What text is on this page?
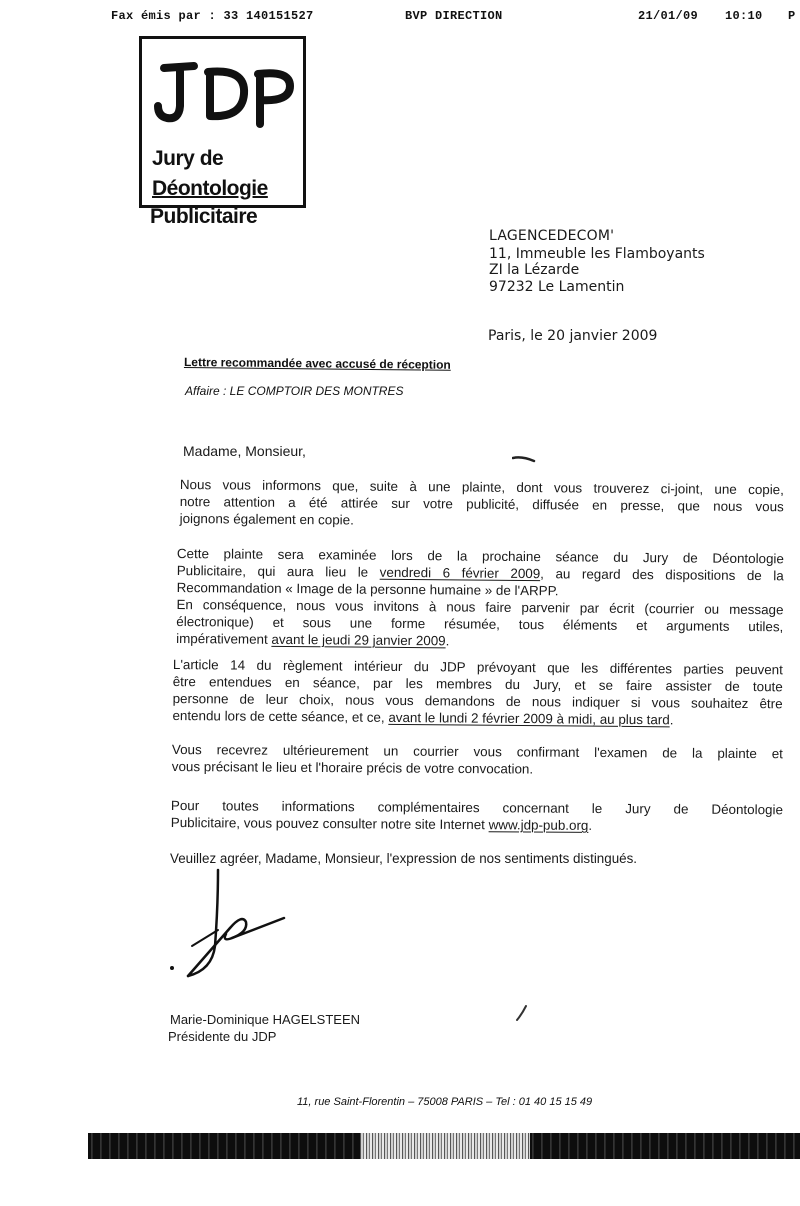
Fax émis par : 33 140151527	BVP DIRECTION	21/01/09 10:10 P
Jury de
Déontologie
Publicitaire
LAGENCEDECOM'
11, Immeuble les Flamboyants
ZI la Lézarde
97232 Le Lamentin
Paris, le 20 janvier 2009
Lettre recommandée avec accusé de réception
Affaire : LE COMPTOIR DES MONTRES
Madame, Monsieur,
Nous vous informons que, suite à une plainte, dont vous trouverez ci-joint, une copie,
notre attention a été attirée sur votre publicité, diffusée en presse, que nous vous
joignons également en copie.
Cette plainte sera examinée lors de la prochaine séance du Jury de Déontologie
Publicitaire, qui aura lieu le vendredi 6 février 2009, au regard des dispositions de la
Recommandation « Image de la personne humaine » de l'ARPP.
En conséquence, nous vous invitons à nous faire parvenir par écrit (courrier ou message
électronique) et sous une forme résumée, tous éléments et arguments utiles,
impérativement avant le jeudi 29 janvier 2009.
L'article 14 du règlement intérieur du JDP prévoyant que les différentes parties peuvent
être entendues en séance, par les membres du Jury, et se faire assister de toute
personne de leur choix, nous vous demandons de nous indiquer si vous souhaitez être
entendu lors de cette séance, et ce, avant le lundi 2 février 2009 à midi, au plus tard.
Vous recevrez ultérieurement un courrier vous confirmant l'examen de la plainte et
vous précisant le lieu et l'horaire précis de votre convocation.
Pour toutes informations complémentaires concernant le Jury de Déontologie
Publicitaire, vous pouvez consulter notre site Internet www.jdp-pub.org.
Veuillez agréer, Madame, Monsieur, l'expression de nos sentiments distingués.
Marie-Dominique HAGELSTEEN
Présidente du JDP
11, rue Saint-Florentin – 75008 PARIS – Tel : 01 40 15 15 49
